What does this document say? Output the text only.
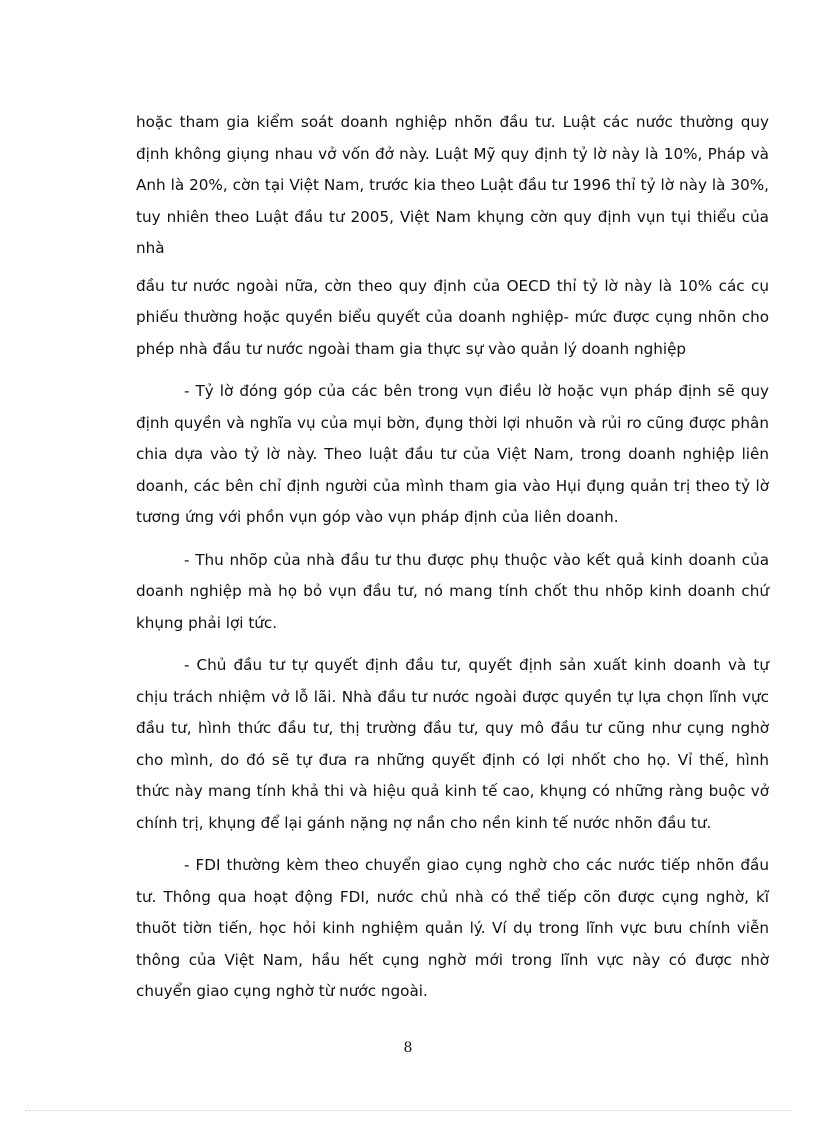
hoặc tham gia kiểm soát doanh nghiệp nhõn đầu tư. Luật các nước thường quy định không giụng nhau vở vốn đở này. Luật Mỹ quy định tỷ lờ này là 10%, Pháp và Anh là 20%, cờn tại Việt Nam, trước kia theo Luật đầu tư 1996 thỉ tỷ lờ này là 30%, tuy nhiên theo Luật đầu tư 2005, Việt Nam khụng cờn quy định vụn tụi thiểu của nhà

đầu tư nước ngoài nữa, cờn theo quy định của OECD thỉ tỷ lờ này là 10% các cụ phiếu thường hoặc quyền biểu quyết của doanh nghiệp- mức được cụng nhõn cho phép nhà đầu tư nước ngoài tham gia thực sự vào quản lý doanh nghiệp

- Tỷ lờ đóng góp của các bên trong vụn điều lờ hoặc vụn pháp định sẽ quy định quyền và nghĩa vụ của mụi bờn, đụng thời lợi nhuõn và rủi ro cũng được phân chia dựa vào tỷ lờ này. Theo luật đầu tư của Việt Nam, trong doanh nghiệp liên doanh, các bên chỉ định người của mình tham gia vào Hụi đụng quản trị theo tỷ lờ tương ứng với phồn vụn góp vào vụn pháp định của liên doanh.

- Thu nhõp của nhà đầu tư thu được phụ thuộc vào kết quả kinh doanh của doanh nghiệp mà họ bỏ vụn đầu tư, nó mang tính chốt thu nhõp kinh doanh chứ khụng phải lợi tức.

- Chủ đầu tư tự quyết định đầu tư, quyết định sản xuất kinh doanh và tự chịu trách nhiệm vở lỗ lãi. Nhà đầu tư nước ngoài được quyền tự lựa chọn lĩnh vực đầu tư, hình thức đầu tư, thị trường đầu tư, quy mô đầu tư cũng như cụng nghờ cho mình, do đó sẽ tự đưa ra những quyết định có lợi nhốt cho họ. Vỉ thế, hình thức này mang tính khả thi và hiệu quả kinh tế cao, khụng có những ràng buộc vở chính trị, khụng để lại gánh nặng nợ nần cho nền kinh tế nước nhõn đầu tư.

- FDI thường kèm theo chuyển giao cụng nghờ cho các nước tiếp nhõn đầu tư. Thông qua hoạt động FDI, nước chủ nhà có thể tiếp cõn được cụng nghờ, kĩ thuõt tiờn tiến, học hỏi kinh nghiệm quản lý. Ví dụ trong lĩnh vực bưu chính viễn thông của Việt Nam, hầu hết cụng nghờ mới trong lĩnh vực này có được nhờ chuyển giao cụng nghờ từ nước ngoài.

8
